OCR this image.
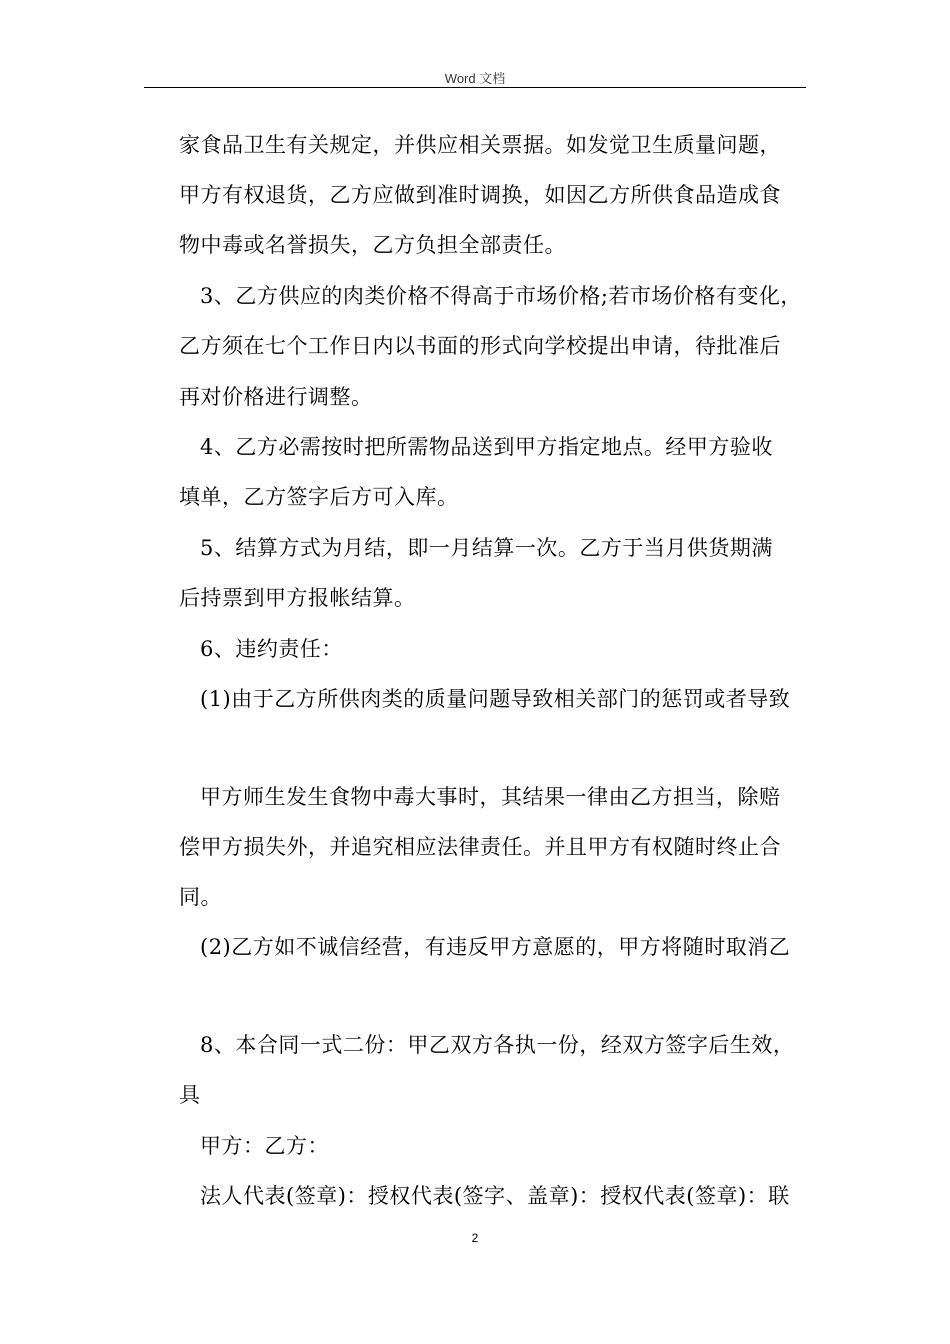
Word 文档
家食品卫生有关规定，并供应相关票据。如发觉卫生质量问题，
甲方有权退货，乙方应做到准时调换，如因乙方所供食品造成食
物中毒或名誉损失，乙方负担全部责任。
3、乙方供应的肉类价格不得高于市场价格;若市场价格有变化，
乙方须在七个工作日内以书面的形式向学校提出申请，待批准后
再对价格进行调整。
4、乙方必需按时把所需物品送到甲方指定地点。经甲方验收
填单，乙方签字后方可入库。
5、结算方式为月结，即一月结算一次。乙方于当月供货期满
后持票到甲方报帐结算。
6、违约责任：
(1)由于乙方所供肉类的质量问题导致相关部门的惩罚或者导致
甲方师生发生食物中毒大事时，其结果一律由乙方担当，除赔
偿甲方损失外，并追究相应法律责任。并且甲方有权随时终止合
同。
(2)乙方如不诚信经营，有违反甲方意愿的，甲方将随时取消乙
8、本合同一式二份：甲乙双方各执一份，经双方签字后生效，
具
甲方：乙方：
法人代表(签章)：授权代表(签字、盖章)：授权代表(签章)：联
2
